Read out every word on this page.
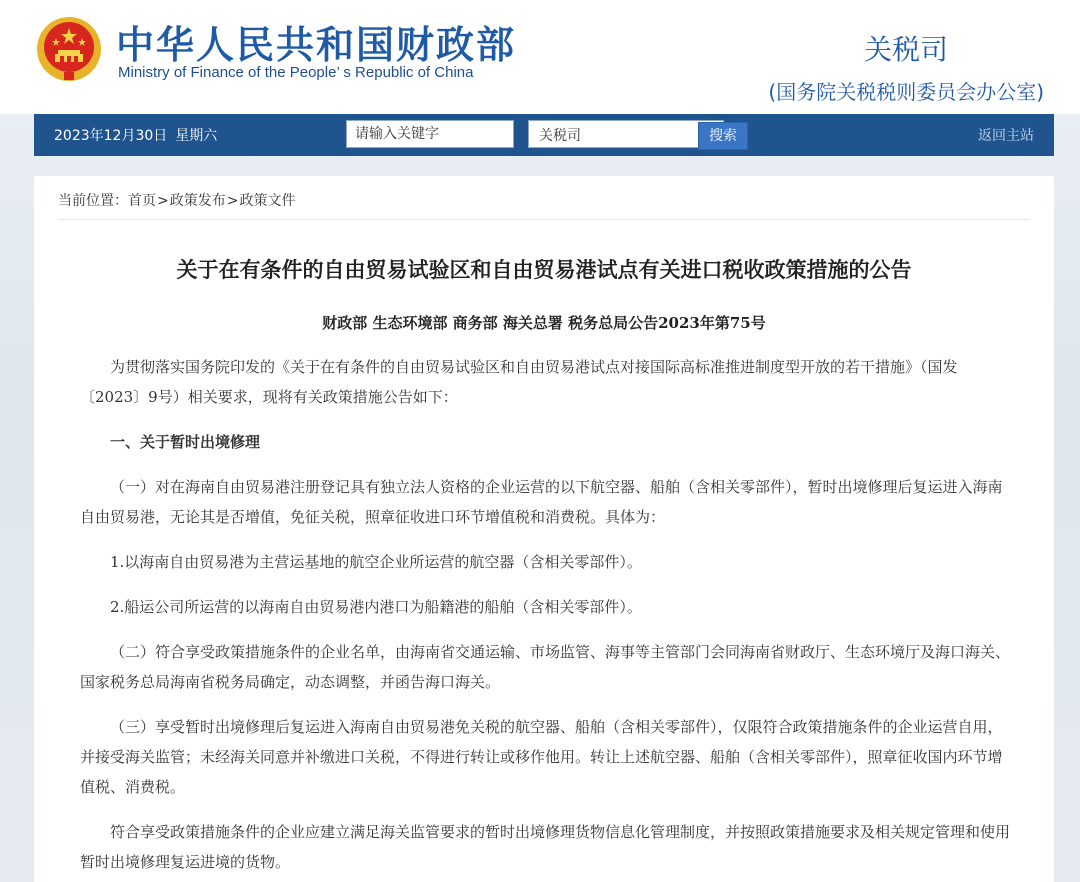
中华人民共和国财政部
Ministry of Finance of the People’ s Republic of China
关税司
(国务院关税税则委员会办公室)
2023年12月30日 星期六
请输入关键字	关税司	搜索	返回主站
当前位置：首页>政策发布>政策文件
关于在有条件的自由贸易试验区和自由贸易港试点有关进口税收政策措施的公告
财政部 生态环境部 商务部 海关总署 税务总局公告2023年第75号

为贯彻落实国务院印发的《关于在有条件的自由贸易试验区和自由贸易港试点对接国际高标准推进制度型开放的若干措施》（国发〔2023〕9号）相关要求，现将有关政策措施公告如下：

一、关于暂时出境修理

（一）对在海南自由贸易港注册登记具有独立法人资格的企业运营的以下航空器、船舶（含相关零部件），暂时出境修理后复运进入海南自由贸易港，无论其是否增值，免征关税，照章征收进口环节增值税和消费税。具体为：

1.以海南自由贸易港为主营运基地的航空企业所运营的航空器（含相关零部件）。

2.船运公司所运营的以海南自由贸易港内港口为船籍港的船舶（含相关零部件）。

（二）符合享受政策措施条件的企业名单，由海南省交通运输、市场监管、海事等主管部门会同海南省财政厅、生态环境厅及海口海关、国家税务总局海南省税务局确定，动态调整，并函告海口海关。

（三）享受暂时出境修理后复运进入海南自由贸易港免关税的航空器、船舶（含相关零部件），仅限符合政策措施条件的企业运营自用，并接受海关监管；未经海关同意并补缴进口关税，不得进行转让或移作他用。转让上述航空器、船舶（含相关零部件），照章征收国内环节增值税、消费税。

符合享受政策措施条件的企业应建立满足海关监管要求的暂时出境修理货物信息化管理制度，并按照政策措施要求及相关规定管理和使用暂时出境修理复运进境的货物。
